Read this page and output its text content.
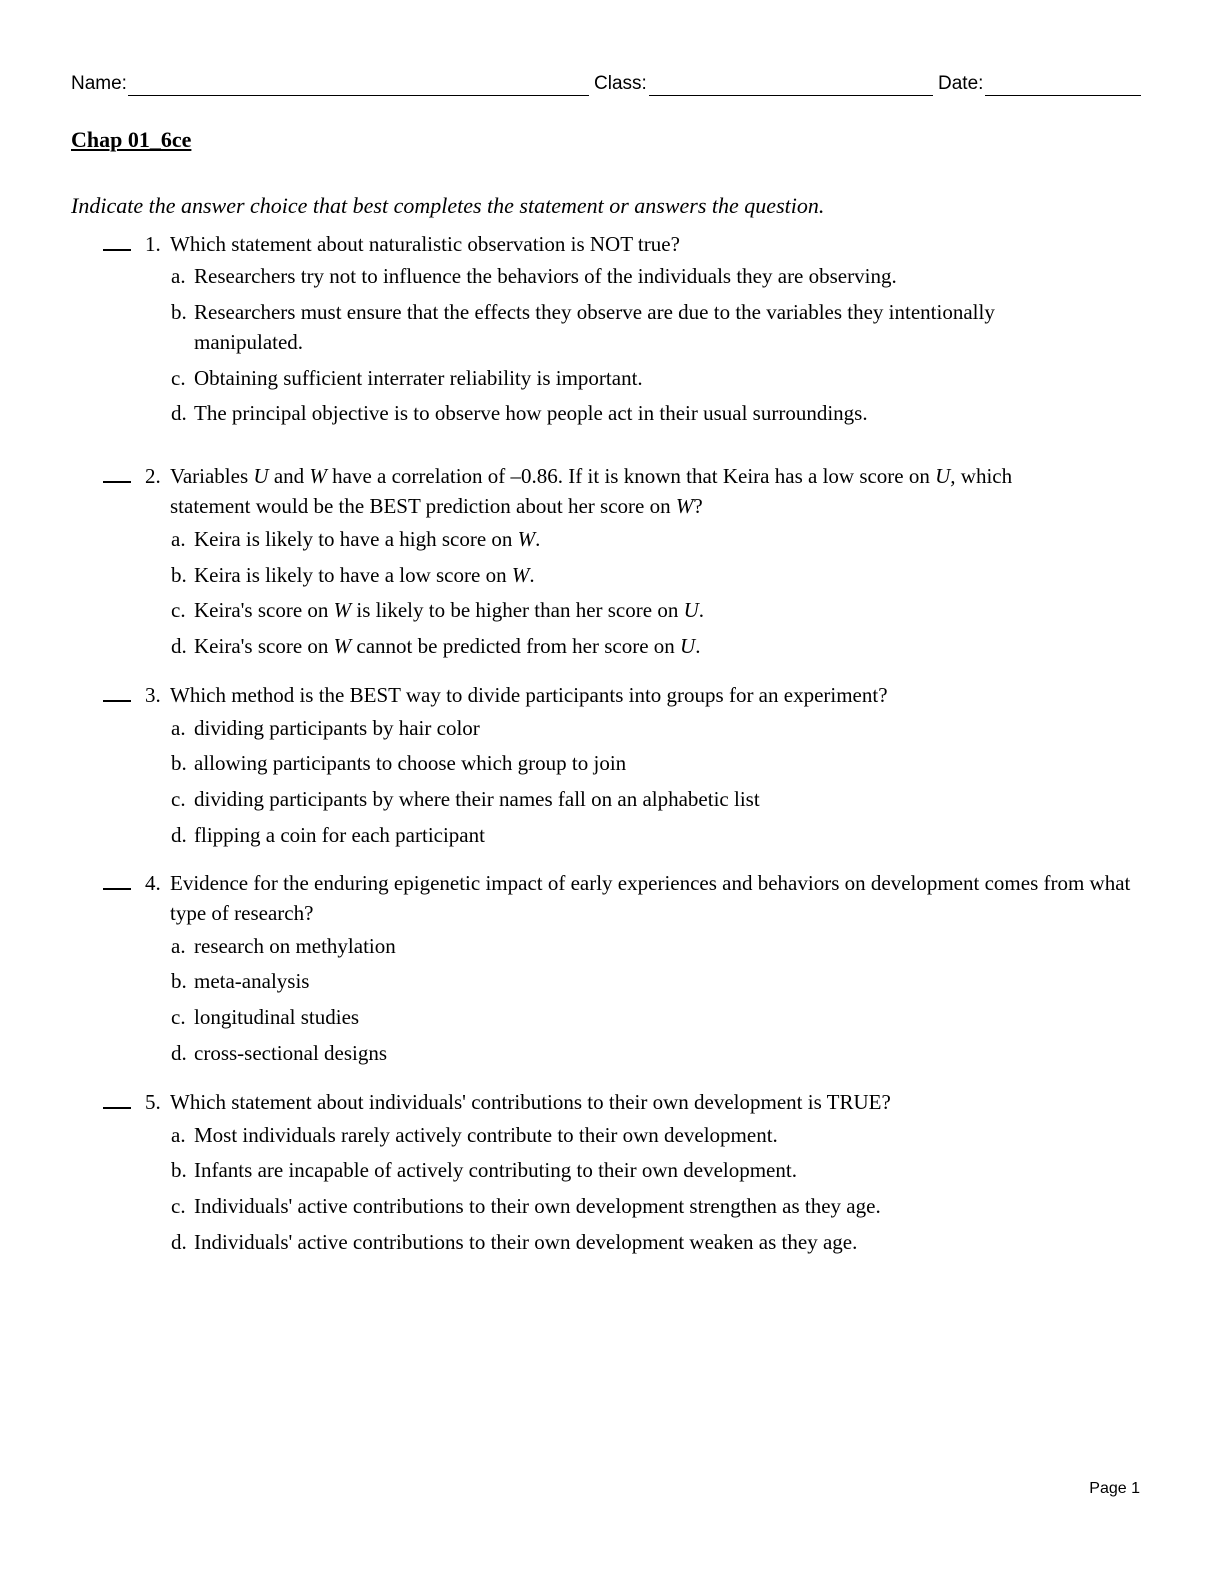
Name:	Class:	Date:
Chap 01_6ce
Indicate the answer choice that best completes the statement or answers the question.
1. Which statement about naturalistic observation is NOT true?
a. Researchers try not to influence the behaviors of the individuals they are observing.
b. Researchers must ensure that the effects they observe are due to the variables they intentionally manipulated.
c. Obtaining sufficient interrater reliability is important.
d. The principal objective is to observe how people act in their usual surroundings.
2. Variables U and W have a correlation of –0.86. If it is known that Keira has a low score on U, which statement would be the BEST prediction about her score on W?
a. Keira is likely to have a high score on W.
b. Keira is likely to have a low score on W.
c. Keira's score on W is likely to be higher than her score on U.
d. Keira's score on W cannot be predicted from her score on U.
3. Which method is the BEST way to divide participants into groups for an experiment?
a. dividing participants by hair color
b. allowing participants to choose which group to join
c. dividing participants by where their names fall on an alphabetic list
d. flipping a coin for each participant
4. Evidence for the enduring epigenetic impact of early experiences and behaviors on development comes from what type of research?
a. research on methylation
b. meta-analysis
c. longitudinal studies
d. cross-sectional designs
5. Which statement about individuals' contributions to their own development is TRUE?
a. Most individuals rarely actively contribute to their own development.
b. Infants are incapable of actively contributing to their own development.
c. Individuals' active contributions to their own development strengthen as they age.
d. Individuals' active contributions to their own development weaken as they age.
Page 1
